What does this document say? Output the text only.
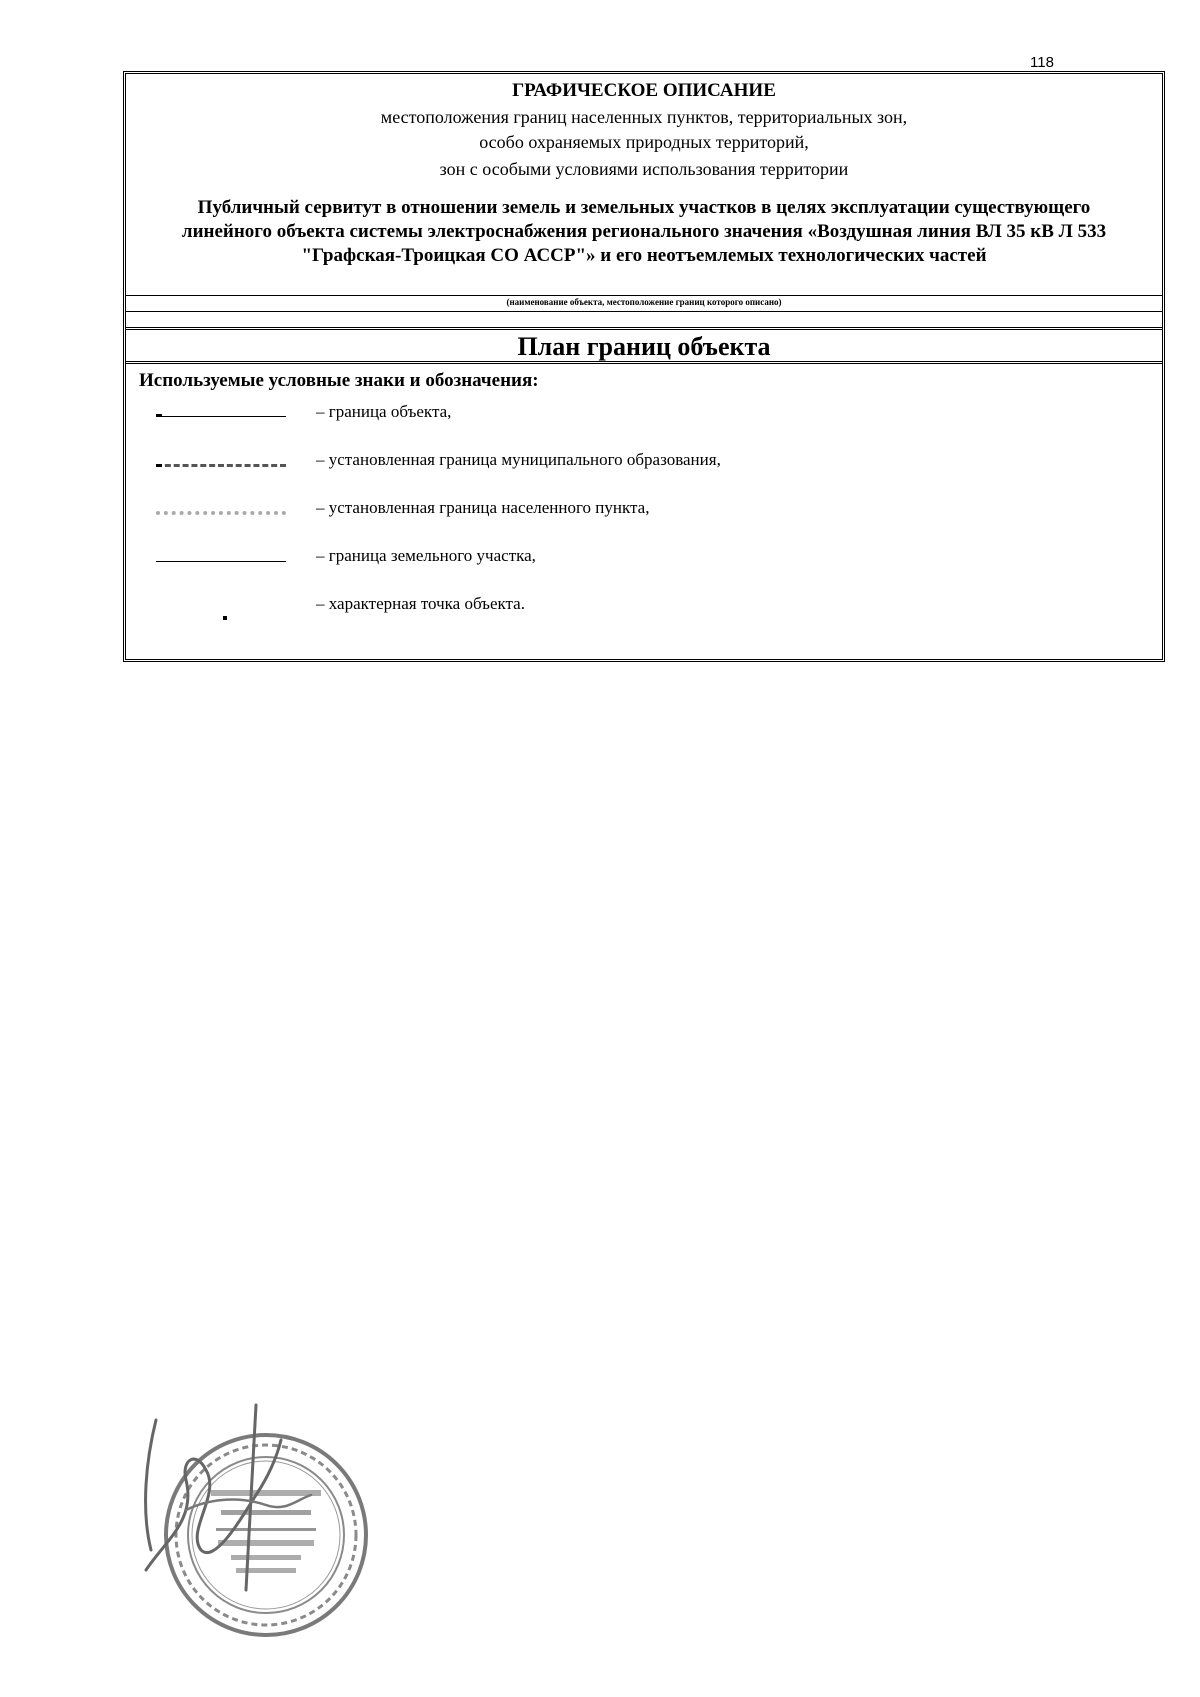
118
ГРАФИЧЕСКОЕ ОПИСАНИЕ
местоположения границ населенных пунктов, территориальных зон,
особо охраняемых природных территорий,
зон с особыми условиями использования территории
Публичный сервитут в отношении земель и земельных участков в целях эксплуатации существующего линейного объекта системы электроснабжения регионального значения «Воздушная линия ВЛ 35 кВ Л 533 "Графская-Троицкая СО АССР"» и его неотъемлемых технологических частей
(наименование объекта, местоположение границ которого описано)
План границ объекта
Используемые условные знаки и обозначения:
– граница объекта,
– установленная граница муниципального образования,
– установленная граница населенного пункта,
– граница земельного участка,
– характерная точка объекта.
